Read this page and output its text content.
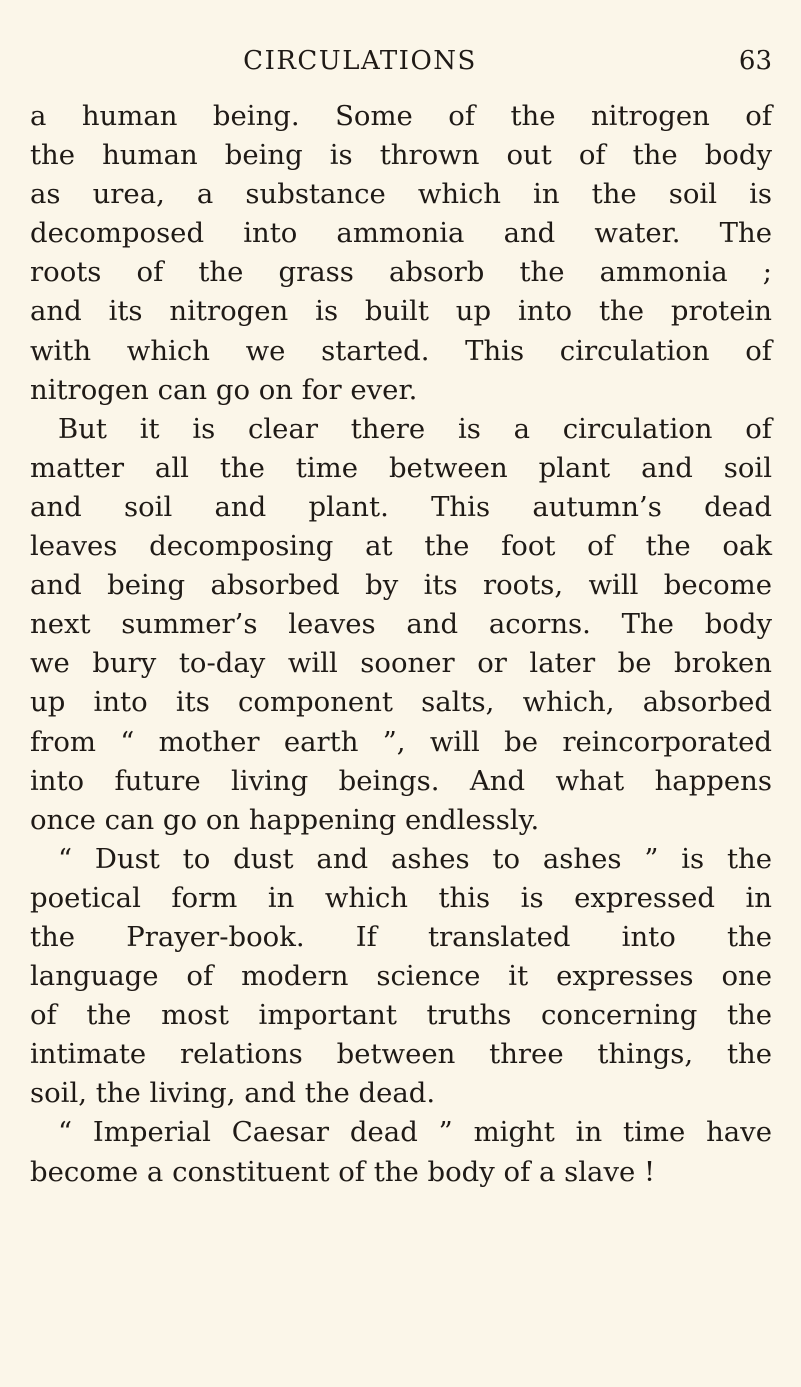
CIRCULATIONS	63
a human being. Some of the nitrogen of
the human being is thrown out of the body
as urea, a substance which in the soil is
decomposed into ammonia and water. The
roots of the grass absorb the ammonia ;
and its nitrogen is built up into the protein
with which we started. This circulation of
nitrogen can go on for ever.
But it is clear there is a circulation of
matter all the time between plant and soil
and soil and plant. This autumn’s dead
leaves decomposing at the foot of the oak
and being absorbed by its roots, will become
next summer’s leaves and acorns. The body
we bury to-day will sooner or later be broken
up into its component salts, which, absorbed
from “ mother earth ”, will be reincorporated
into future living beings. And what happens
once can go on happening endlessly.
“ Dust to dust and ashes to ashes ” is the
poetical form in which this is expressed in
the Prayer-book. If translated into the
language of modern science it expresses one
of the most important truths concerning the
intimate relations between three things, the
soil, the living, and the dead.
“ Imperial Caesar dead ” might in time have
become a constituent of the body of a slave !
